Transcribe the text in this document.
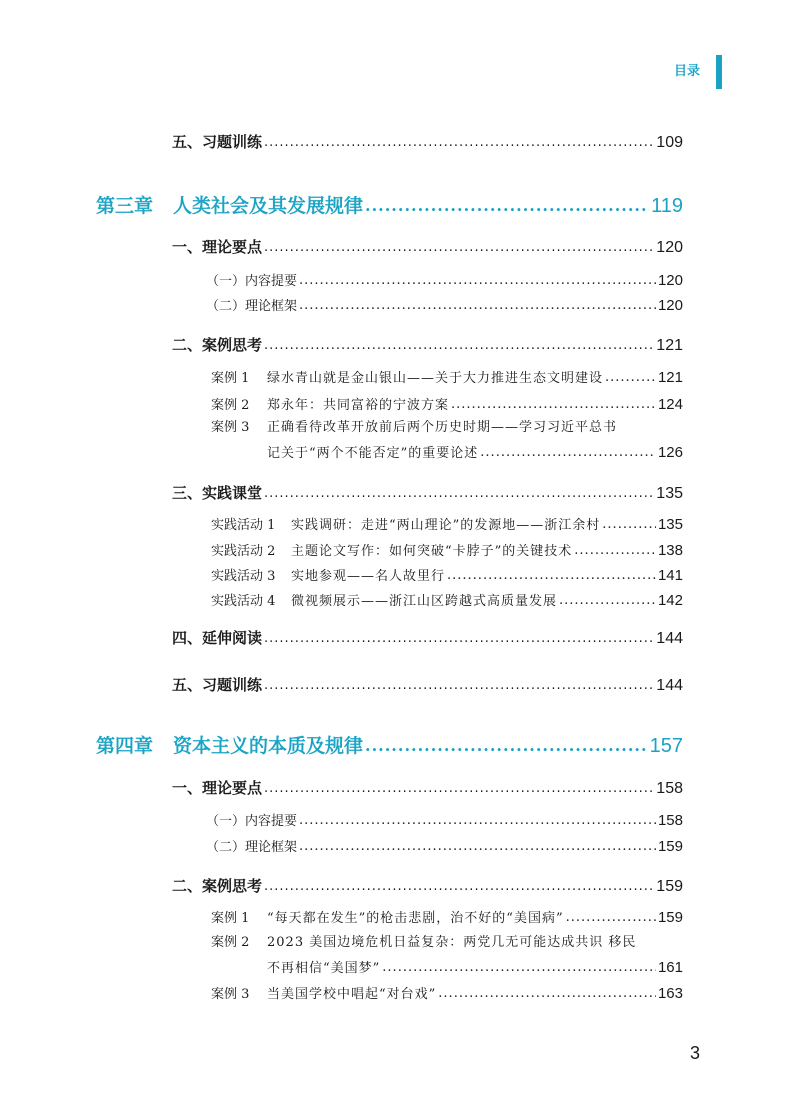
目录
五、习题训练 .....	109
第三章 人类社会及其发展规律 .....	119
一、理论要点 .....	120
（一）内容提要 .....	120
（二）理论框架 .....	120
二、案例思考 .....	121
案例 1 绿水青山就是金山银山——关于大力推进生态文明建设 .....	121
案例 2 郑永年：共同富裕的宁波方案 .....	124
案例 3 正确看待改革开放前后两个历史时期——学习习近平总书
记关于“两个不能否定”的重要论述 .....	126
三、实践课堂 .....	135
实践活动 1 实践调研：走进“两山理论”的发源地——浙江余村 .....	135
实践活动 2 主题论文写作：如何突破“卡脖子”的关键技术 .....	138
实践活动 3 实地参观——名人故里行 .....	141
实践活动 4 微视频展示——浙江山区跨越式高质量发展 .....	142
四、延伸阅读 .....	144
五、习题训练 .....	144
第四章 资本主义的本质及规律 .....	157
一、理论要点 .....	158
（一）内容提要 .....	158
（二）理论框架 .....	159
二、案例思考 .....	159
案例 1 “每天都在发生”的枪击悲剧，治不好的“美国病” .....	159
案例 2 2023 美国边境危机日益复杂：两党几无可能达成共识 移民
不再相信“美国梦” .....	161
案例 3 当美国学校中唱起“对台戏” .....	163
3
